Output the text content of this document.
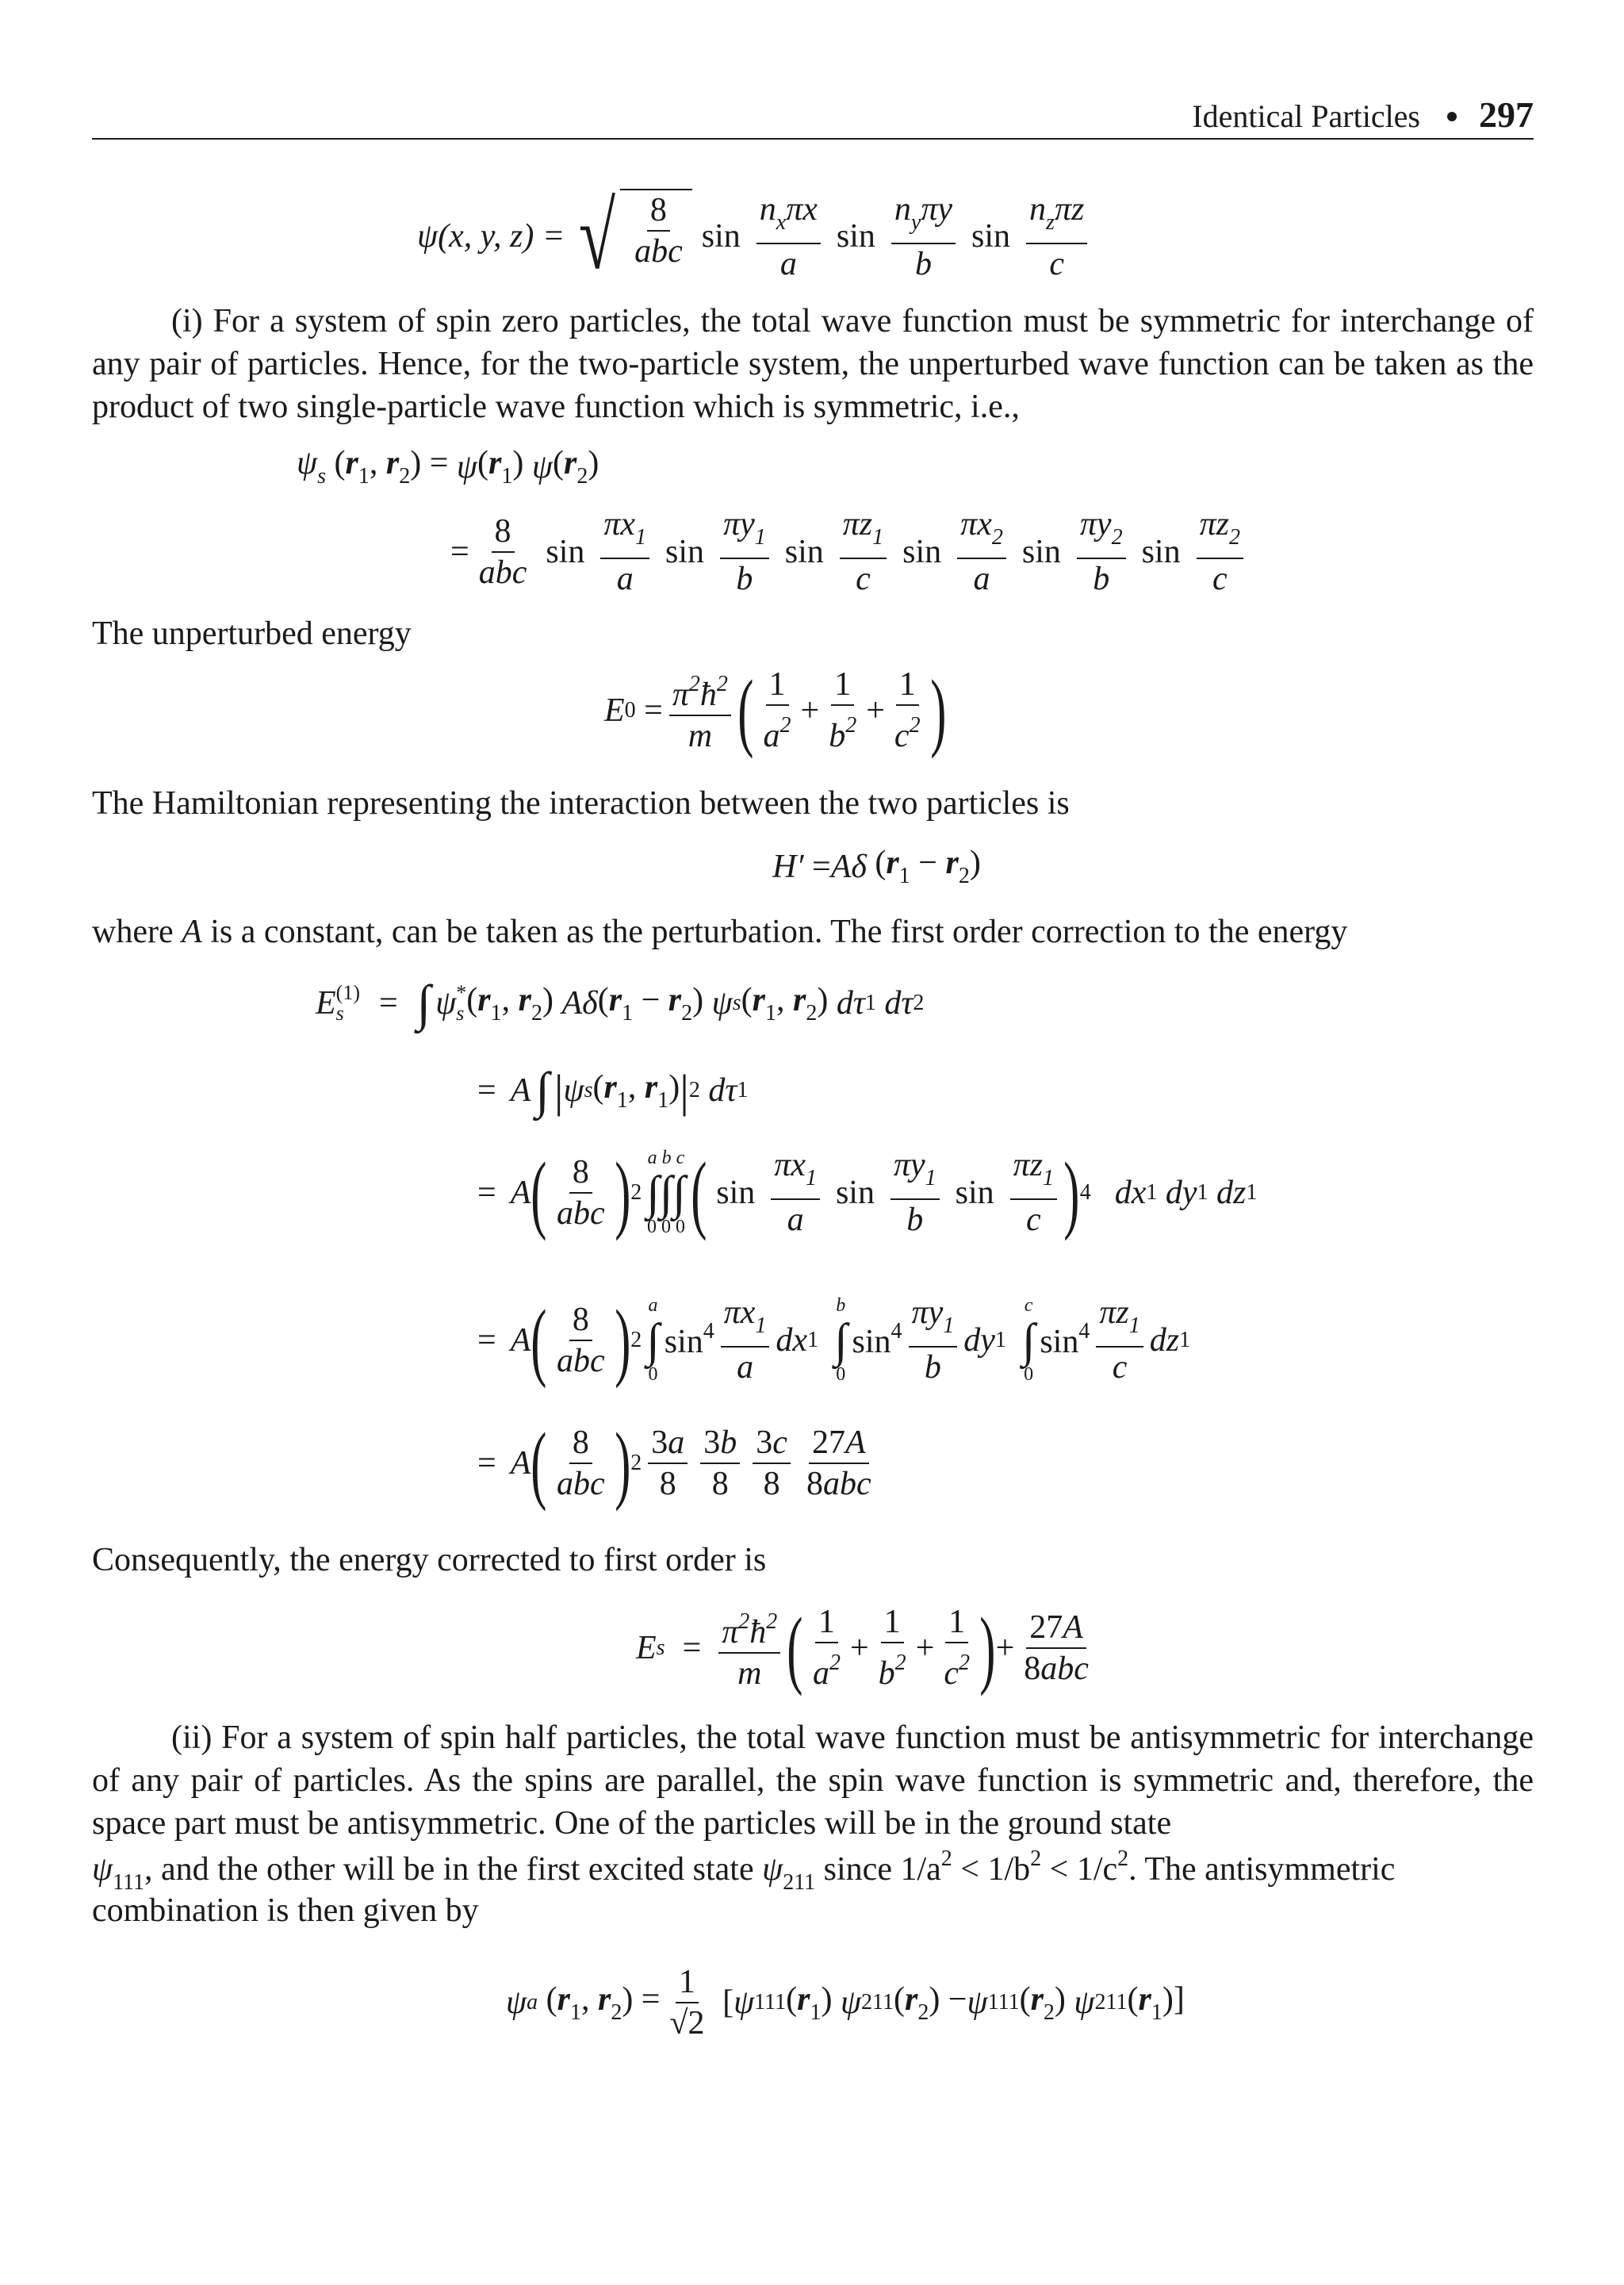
Identical Particles 297
ψ(x, y, z) = √ $\frac{8}{\text{abc}}$ $\sin \frac{n_x\pi x}{a}$ $\sin \frac{n_y\pi y}{b}$ $\sin \frac{n_z\pi z}{c}$
(i) For a system of spin zero particles, the total wave function must be symmetric for interchange of any pair of particles. Hence, for the two-particle system, the unperturbed wave function can be taken as the product of two single-particle wave function which is symmetric, i.e.,
$\psi_s$ ($r_1$, $r_2) = \psi$ $(r_1)$ ψ $(r_2)$
= $\frac{8}{\text{abc}}$ $\sin \frac{\pi x_1}{a}$ $\sin \frac{\pi y_1}{b}$ $\sin \frac{\pi z_1}{c}$ $\sin \frac{\pi x_2}{a}$ $\sin \frac{\pi y_2}{b}$ $\sin \frac{\pi z_2}{c}$
The unperturbed energy
E $0 = \frac{\pi^2ħ^2}{m}$ ( $\frac{1}{a^2} + \frac{1}{b^2} + \frac{1}{c^2}$ )
The Hamiltonian representing the interaction between the two particles is
H′ = Aδ $(r_1 - r_2)$
where A is a constant, can be taken as the perturbation. The first order correction to the energy
E (1)
s	= ∫ ψ *
s ($r_1$, $r_2$) Aδ $(r_1 - r_2)$ ψ s ($r_1$, $r_2$) dτ 1 dτ 2
= A ∫ | ψ s ($r_1$, $r_1$) | 2 dτ 1
= A ( $\frac{8}{\text{abc}}$ ) 2
a b c
∫∫∫
0 0 0 ( $\sin \frac{\pi x_1}{a}$ $\sin \frac{\pi y_1}{b}$ $\sin \frac{\pi z_1}{c}$ ) 4 dx 1 dy 1 dz 1
= A ( $\frac{8}{\text{abc}}$ ) 2
a
∫
0
$\sin^4 \frac{\pi x_1}{a}$ dx 1
b
∫
0
$\sin^4 \frac{\pi y_1}{b}$ dy 1
c
∫
0
$\sin^4 \frac{\pi z_1}{c}$ dz 1
= A ( $\frac{8}{\text{abc}}$ ) $2 \frac{3a}{8} \frac{3b}{8} \frac{3c}{8} \frac{27A}{\text{8abc}}$
Consequently, the energy corrected to first order is
E $s = \frac{\pi^2ħ^2}{m}$ ( $\frac{1}{a^2} + \frac{1}{b^2} + \frac{1}{c^2}$ ) + $\frac{27A}{\text{8abc}}$
(ii) For a system of spin half particles, the total wave function must be antisymmetric for interchange of any pair of particles. As the spins are parallel, the spin wave function is symmetric and, therefore, the space part must be antisymmetric. One of the particles will be in the ground state
$\psi_{111}$, and the other will be in the first excited state $\psi_{211}$ since $1/a^2 < 1/b^2 < 1/c^2$. The antisymmetric
combination is then given by
ψ a ($r_1$, $r_2) = \frac{1}{√2}$ [ ψ 111 $(r_1)$ ψ 211 $(r_2) - \psi$ 111 $(r_2)$ ψ 211 $(r_1)$]
